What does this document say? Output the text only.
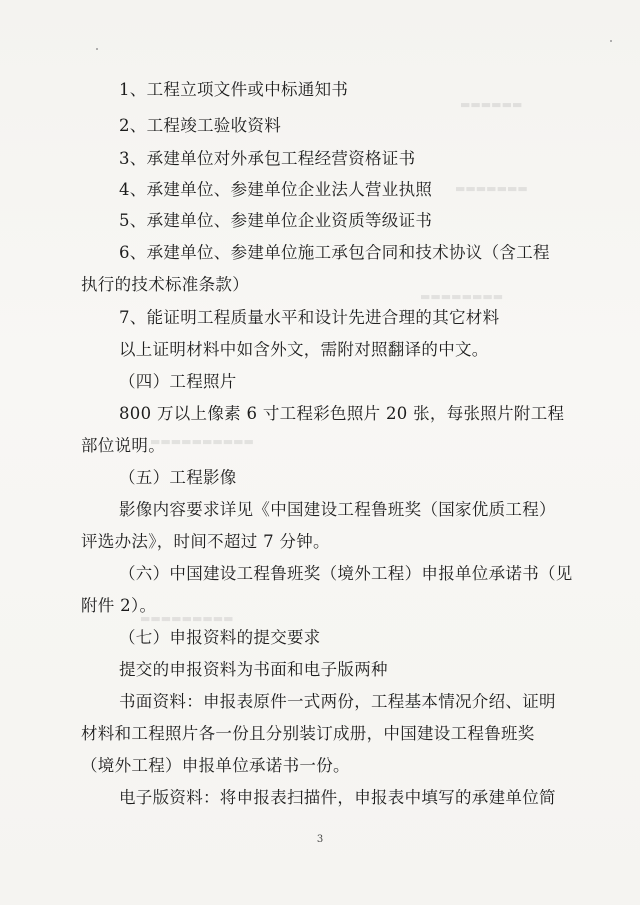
▬▬▬▬▬▬
▬▬▬▬▬▬▬
▬▬▬▬▬▬▬▬
▬▬▬▬▬▬▬▬▬▬
▬▬▬▬▬▬▬▬▬
1、工程立项文件或中标通知书
2、工程竣工验收资料
3、承建单位对外承包工程经营资格证书
4、承建单位、参建单位企业法人营业执照
5、承建单位、参建单位企业资质等级证书
6、承建单位、参建单位施工承包合同和技术协议（含工程
执行的技术标准条款）
7、能证明工程质量水平和设计先进合理的其它材料
以上证明材料中如含外文，需附对照翻译的中文。
（四）工程照片
800 万以上像素 6 寸工程彩色照片 20 张，每张照片附工程
部位说明。
（五）工程影像
影像内容要求详见《中国建设工程鲁班奖（国家优质工程）
评选办法》，时间不超过 7 分钟。
（六）中国建设工程鲁班奖（境外工程）申报单位承诺书（见
附件 2）。
（七）申报资料的提交要求
提交的申报资料为书面和电子版两种
书面资料：申报表原件一式两份，工程基本情况介绍、证明
材料和工程照片各一份且分别装订成册，中国建设工程鲁班奖
（境外工程）申报单位承诺书一份。
电子版资料：将申报表扫描件，申报表中填写的承建单位简
3
